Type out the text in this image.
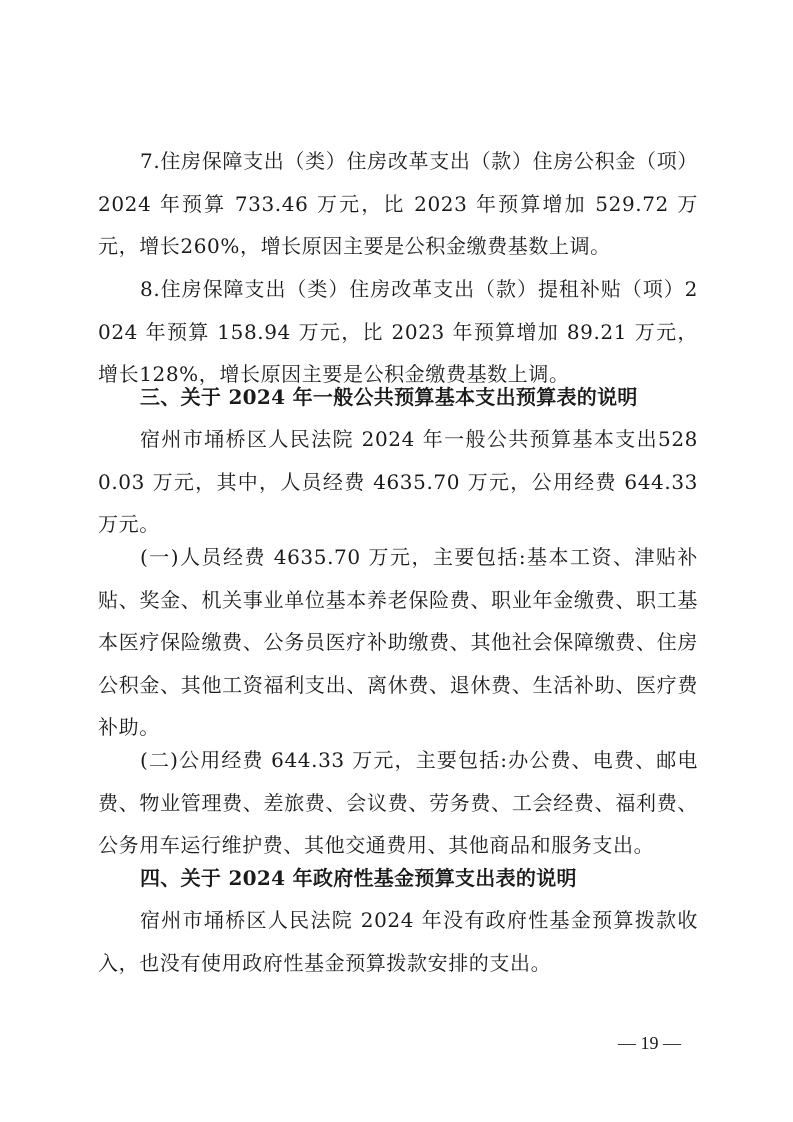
7.住房保障支出（类）住房改革支出（款）住房公积金（项）2024 年预算 733.46 万元，比 2023 年预算增加 529.72 万元，增长260%，增长原因主要是公积金缴费基数上调。

8.住房保障支出（类）住房改革支出（款）提租补贴（项）2024 年预算 158.94 万元，比 2023 年预算增加 89.21 万元，增长128%，增长原因主要是公积金缴费基数上调。

三、关于 2024 年一般公共预算基本支出预算表的说明

宿州市埇桥区人民法院 2024 年一般公共预算基本支出5280.03 万元，其中，人员经费 4635.70 万元，公用经费 644.33万元。

(一)人员经费 4635.70 万元，主要包括:基本工资、津贴补贴、奖金、机关事业单位基本养老保险费、职业年金缴费、职工基本医疗保险缴费、公务员医疗补助缴费、其他社会保障缴费、住房公积金、其他工资福利支出、离休费、退休费、生活补助、医疗费补助。

(二)公用经费 644.33 万元，主要包括:办公费、电费、邮电费、物业管理费、差旅费、会议费、劳务费、工会经费、福利费、公务用车运行维护费、其他交通费用、其他商品和服务支出。

四、关于 2024 年政府性基金预算支出表的说明

宿州市埇桥区人民法院 2024 年没有政府性基金预算拨款收入，也没有使用政府性基金预算拨款安排的支出。

— 19 —
